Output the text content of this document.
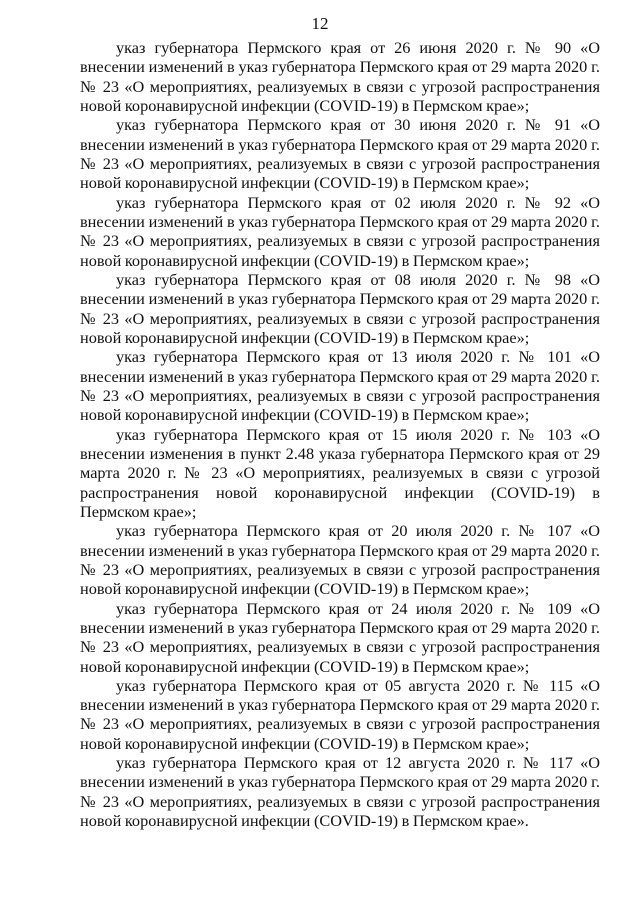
12

указ губернатора Пермского края от 26 июня 2020 г. № 90 «О внесении изменений в указ губернатора Пермского края от 29 марта 2020 г. № 23 «О мероприятиях, реализуемых в связи с угрозой распространения новой коронавирусной инфекции (COVID-19) в Пермском крае»;

указ губернатора Пермского края от 30 июня 2020 г. № 91 «О внесении изменений в указ губернатора Пермского края от 29 марта 2020 г. № 23 «О мероприятиях, реализуемых в связи с угрозой распространения новой коронавирусной инфекции (COVID-19) в Пермском крае»;

указ губернатора Пермского края от 02 июля 2020 г. № 92 «О внесении изменений в указ губернатора Пермского края от 29 марта 2020 г. № 23 «О мероприятиях, реализуемых в связи с угрозой распространения новой коронавирусной инфекции (COVID-19) в Пермском крае»;

указ губернатора Пермского края от 08 июля 2020 г. № 98 «О внесении изменений в указ губернатора Пермского края от 29 марта 2020 г. № 23 «О мероприятиях, реализуемых в связи с угрозой распространения новой коронавирусной инфекции (COVID-19) в Пермском крае»;

указ губернатора Пермского края от 13 июля 2020 г. № 101 «О внесении изменений в указ губернатора Пермского края от 29 марта 2020 г. № 23 «О мероприятиях, реализуемых в связи с угрозой распространения новой коронавирусной инфекции (COVID-19) в Пермском крае»;

указ губернатора Пермского края от 15 июля 2020 г. № 103 «О внесении изменения в пункт 2.48 указа губернатора Пермского края от 29 марта 2020 г. № 23 «О мероприятиях, реализуемых в связи с угрозой распространения новой коронавирусной инфекции (COVID-19) в Пермском крае»;

указ губернатора Пермского края от 20 июля 2020 г. № 107 «О внесении изменений в указ губернатора Пермского края от 29 марта 2020 г. № 23 «О мероприятиях, реализуемых в связи с угрозой распространения новой коронавирусной инфекции (COVID-19) в Пермском крае»;

указ губернатора Пермского края от 24 июля 2020 г. № 109 «О внесении изменений в указ губернатора Пермского края от 29 марта 2020 г. № 23 «О мероприятиях, реализуемых в связи с угрозой распространения новой коронавирусной инфекции (COVID-19) в Пермском крае»;

указ губернатора Пермского края от 05 августа 2020 г. № 115 «О внесении изменений в указ губернатора Пермского края от 29 марта 2020 г. № 23 «О мероприятиях, реализуемых в связи с угрозой распространения новой коронавирусной инфекции (COVID-19) в Пермском крае»;

указ губернатора Пермского края от 12 августа 2020 г. № 117 «О внесении изменений в указ губернатора Пермского края от 29 марта 2020 г. № 23 «О мероприятиях, реализуемых в связи с угрозой распространения новой коронавирусной инфекции (COVID-19) в Пермском крае».
